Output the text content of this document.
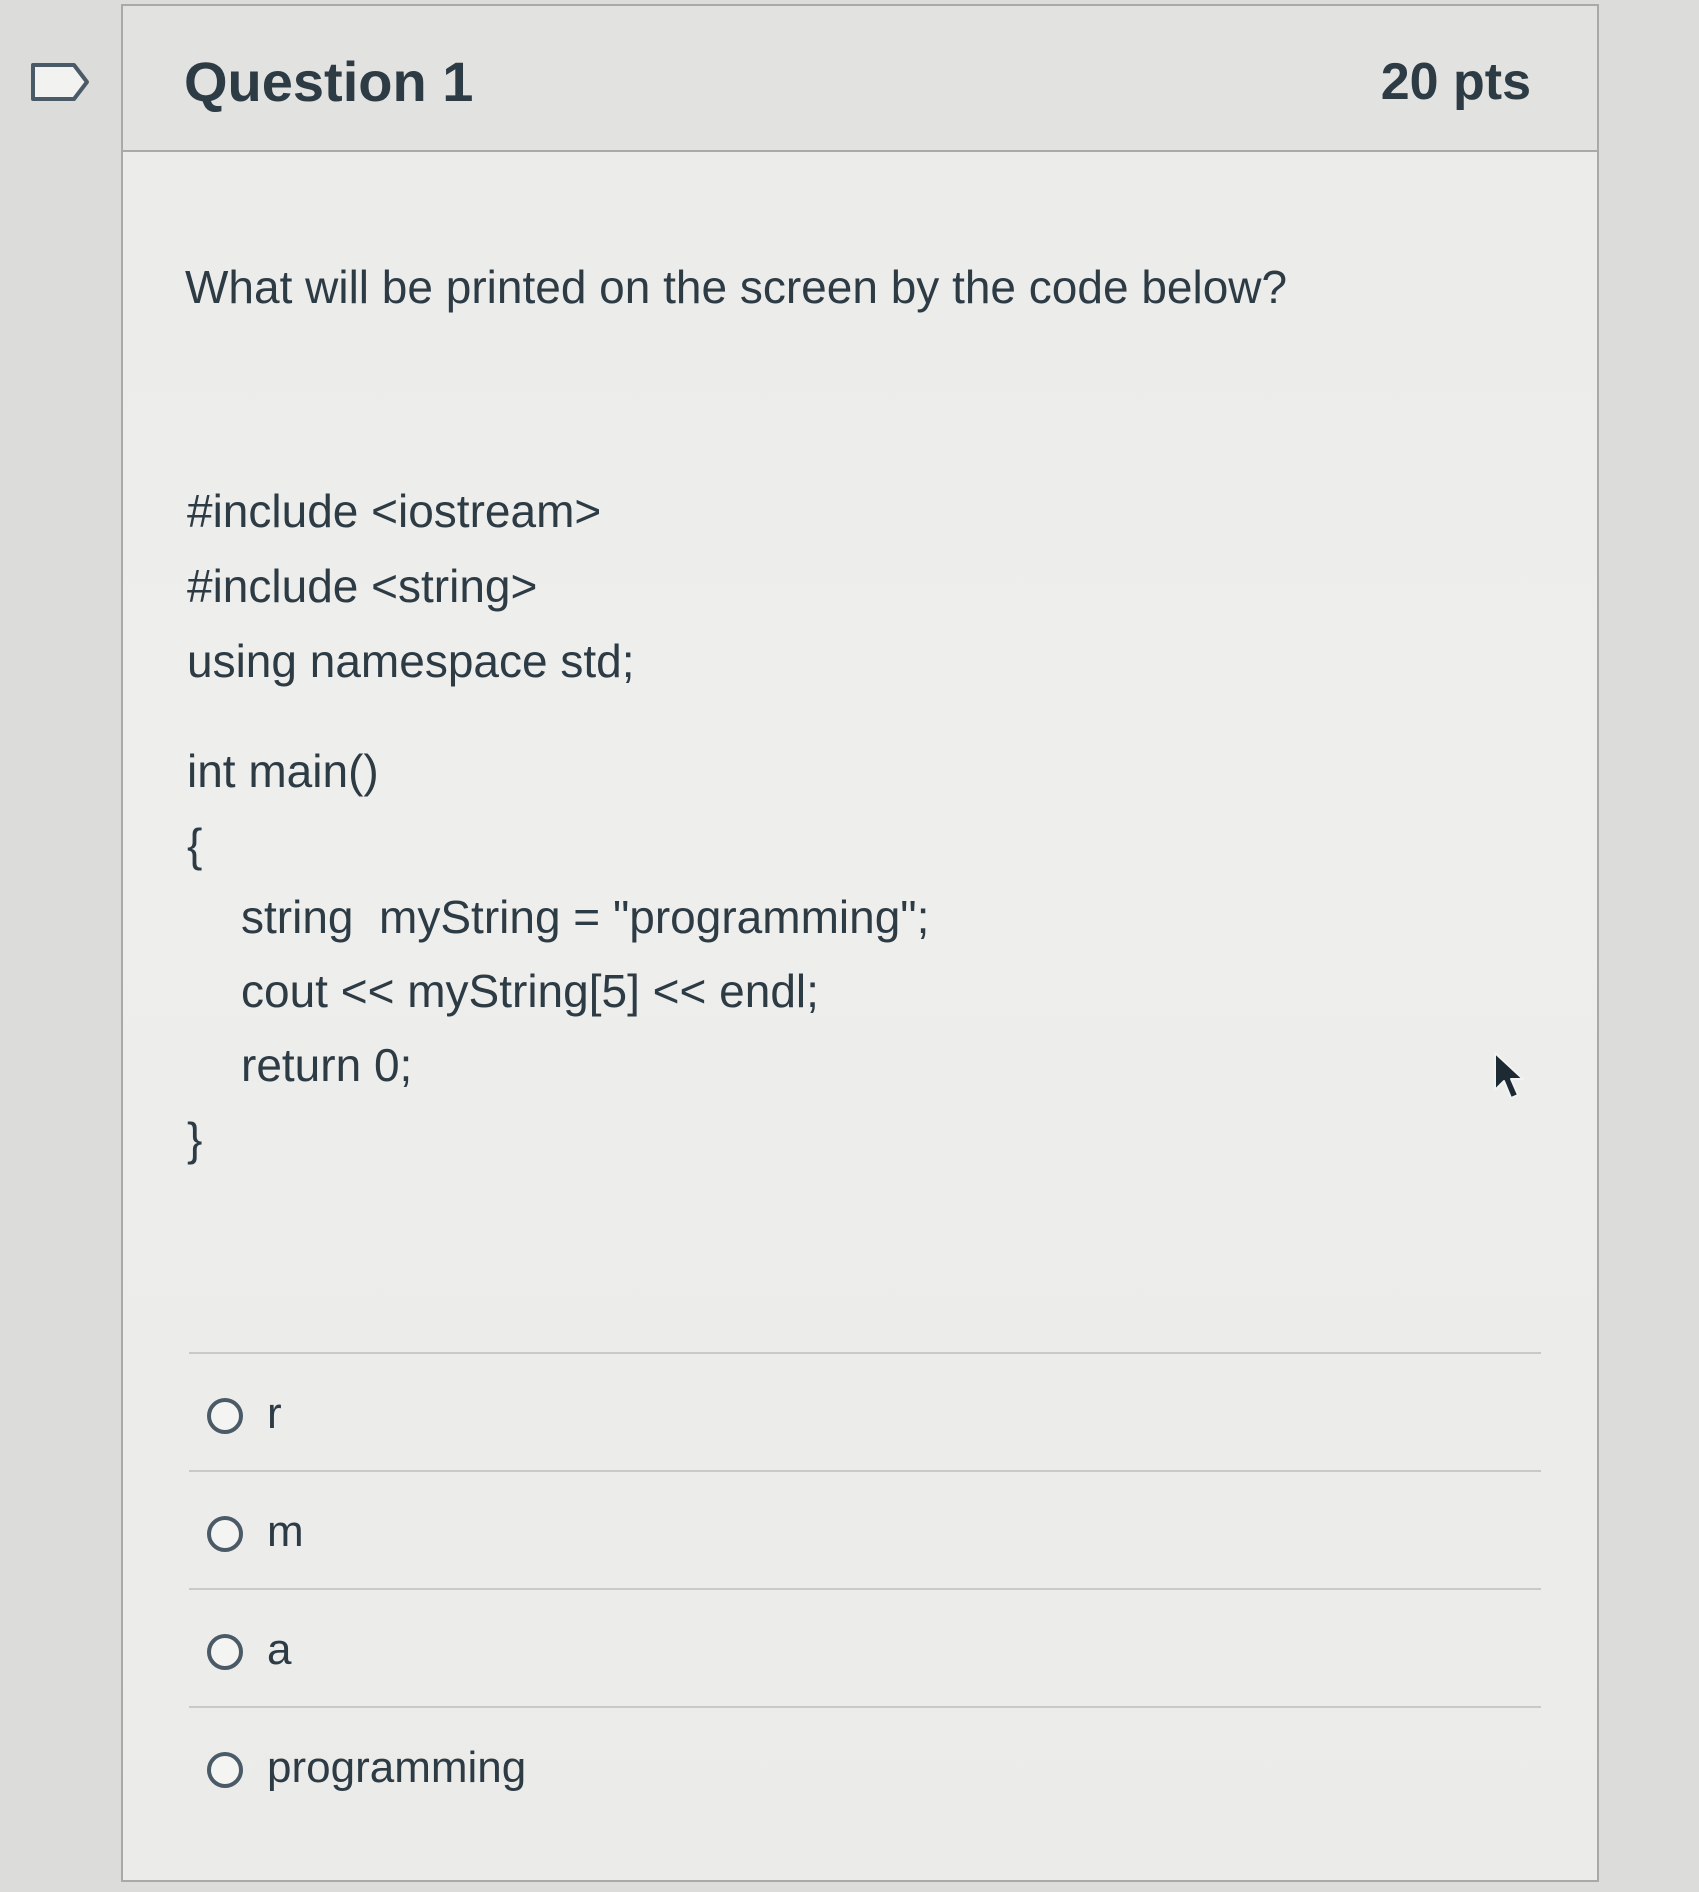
Question 1	20 pts
What will be printed on the screen by the code below?
#include <iostream>
#include <string>
using namespace std;
int main()
{
string  myString = "programming";
cout << myString[5] << endl;
return 0;
}
r
m
a
programming
